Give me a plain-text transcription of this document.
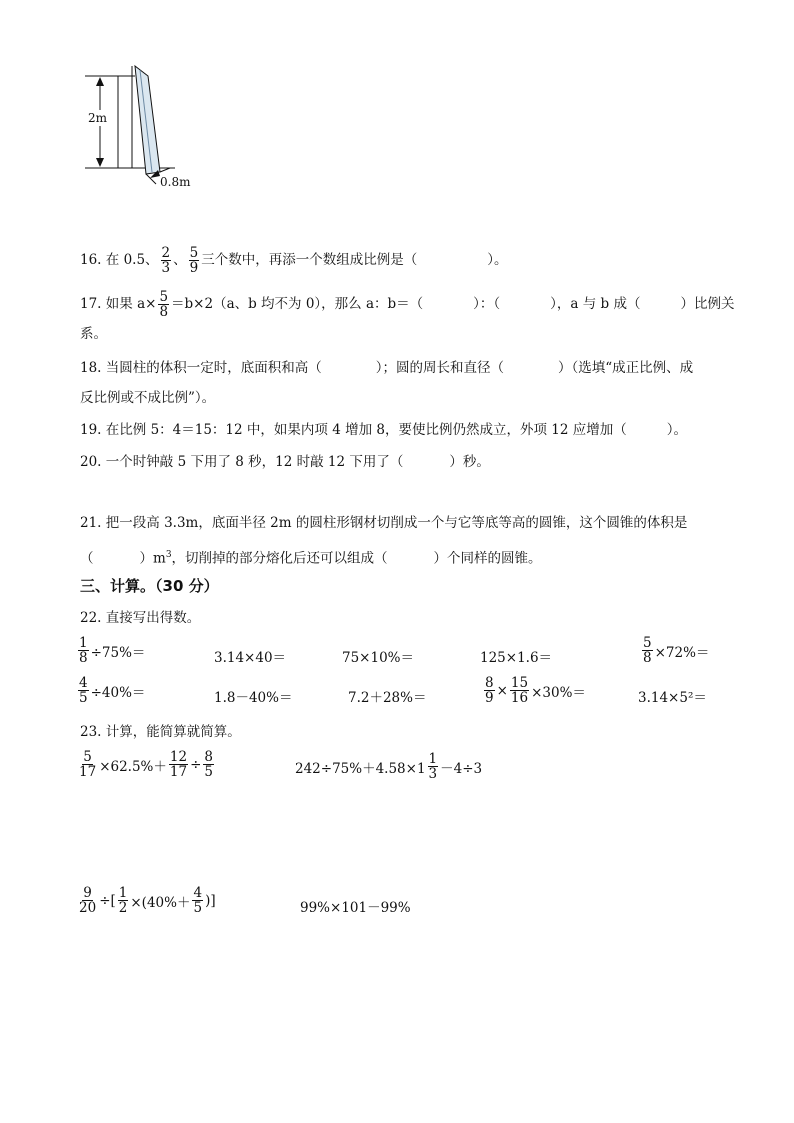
2m
0.8m
16. 在 0.5、 $\frac{2}{3}$ 、 $\frac{5}{9}$ 三个数中，再添一个数组成比例是（	）。
17. 如果 $a\times \frac{5}{8} =b\times 2(a$、b 均不为 0），那么 a：b＝（	）：（	），a 与 b 成（	）比例关
系。
18. 当圆柱的体积一定时，底面积和高（	）；圆的周长和直径（	）（选填“成正比例、成
反比例或不成比例”）。
19. 在比例 5：4＝15：12 中，如果内项 4 增加 8，要使比例仍然成立，外项 12 应增加（	）。
20. 一个时钟敲 5 下用了 8 秒，12 时敲 12 下用了（	）秒。
21. 把一段高 3.3m，底面半径 2m 的圆柱形钢材切削成一个与它等底等高的圆锥，这个圆锥的体积是
（	）$m^3$，切削掉的部分熔化后还可以组成（	）个同样的圆锥。
三、计算。（30 分）
22. 直接写出得数。
$\frac{1}{8} \div 75\%=$	3.14×40＝	75×10%＝	125×1.6＝	$\frac{5}{8} \times 72\%=$
$\frac{4}{5} \div 40\%=$	1.8－40%＝	7.2＋28%＝	$\frac{8}{9} \times \frac{15}{16} \times 30\%=$	3.14×5²＝
23. 计算，能简算就简算。
$\frac{5}{17} \times 62.5\%+ \frac{12}{17} \div \frac{8}{5}$	$242\div 75\%+4.58\times 1 \frac{1}{3} -4\div 3$
$\frac{9}{20}$ ÷[ $\frac{1}{2} \times(40\%+ \frac{4}{5}$ )]	99%×101－99%
